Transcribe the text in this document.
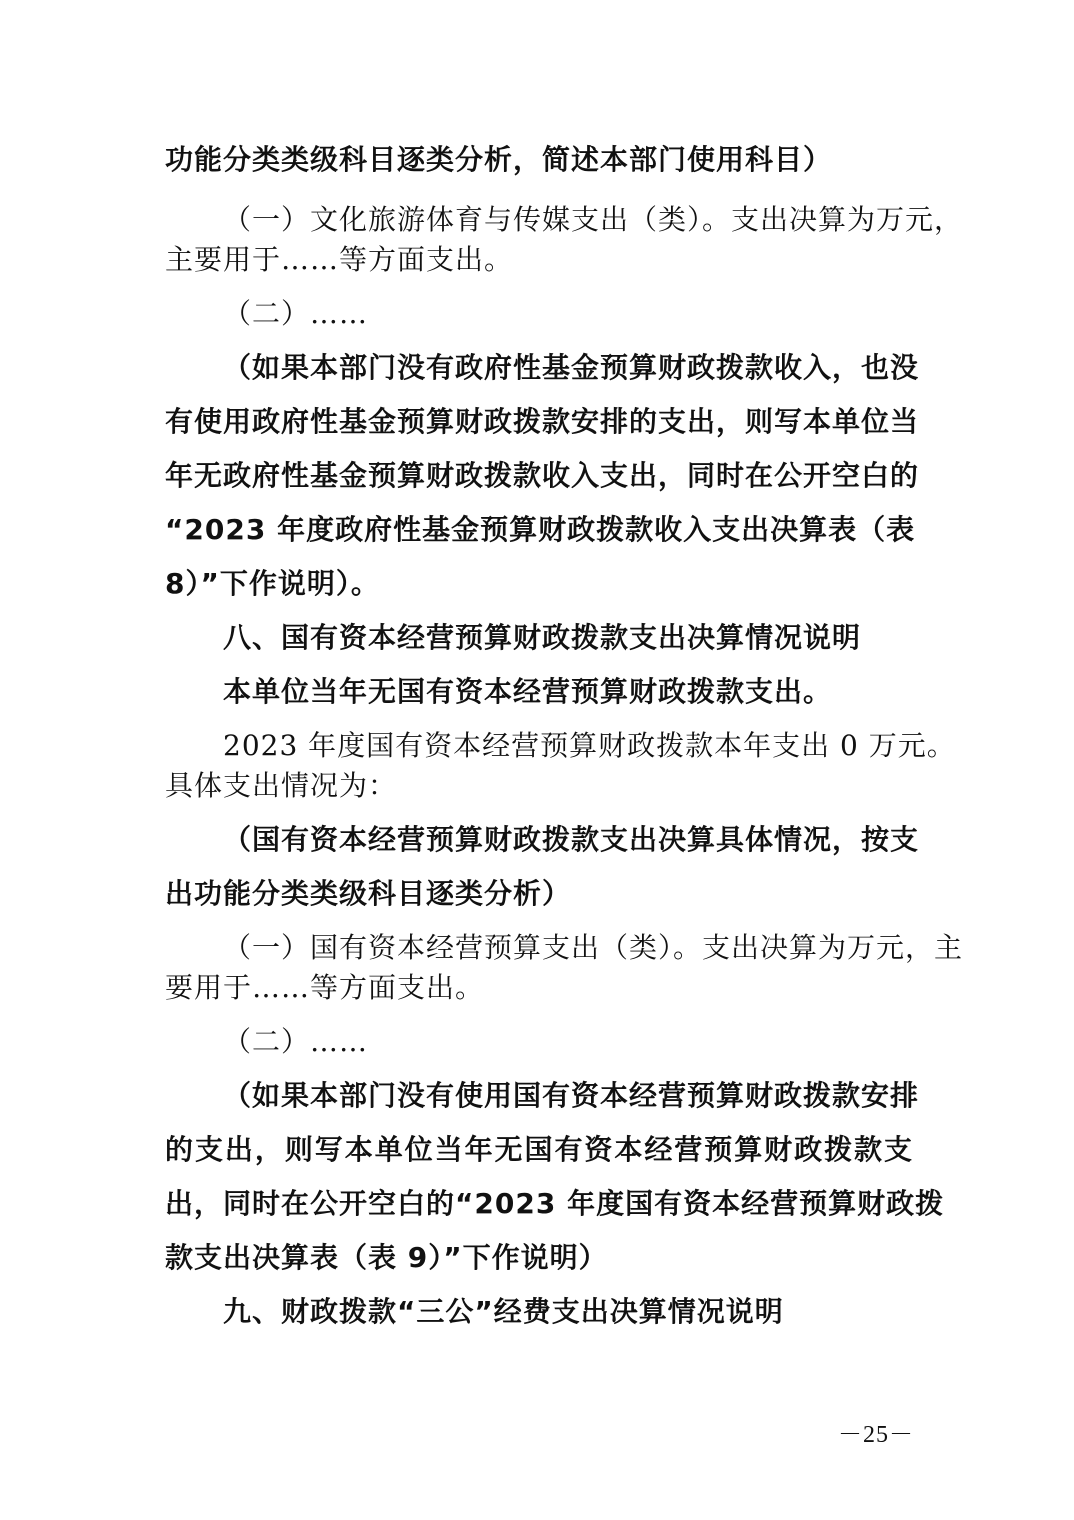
功能分类类级科目逐类分析，简述本部门使用科目）

（一）文化旅游体育与传媒支出（类）。支出决算为万元，

主要用于……等方面支出。

（二）……

（如果本部门没有政府性基金预算财政拨款收入，也没

有使用政府性基金预算财政拨款安排的支出，则写本单位当

年无政府性基金预算财政拨款收入支出，同时在公开空白的

“2023 年度政府性基金预算财政拨款收入支出决算表（表

8）”下作说明）。

八、国有资本经营预算财政拨款支出决算情况说明

本单位当年无国有资本经营预算财政拨款支出。

2023 年度国有资本经营预算财政拨款本年支出 0 万元。

具体支出情况为：

（国有资本经营预算财政拨款支出决算具体情况，按支

出功能分类类级科目逐类分析）

（一）国有资本经营预算支出（类）。支出决算为万元，主

要用于……等方面支出。

（二）……

（如果本部门没有使用国有资本经营预算财政拨款安排

的支出，则写本单位当年无国有资本经营预算财政拨款支

出，同时在公开空白的“2023 年度国有资本经营预算财政拨

款支出决算表（表 9）”下作说明）

九、财政拨款“三公”经费支出决算情况说明

－25－
